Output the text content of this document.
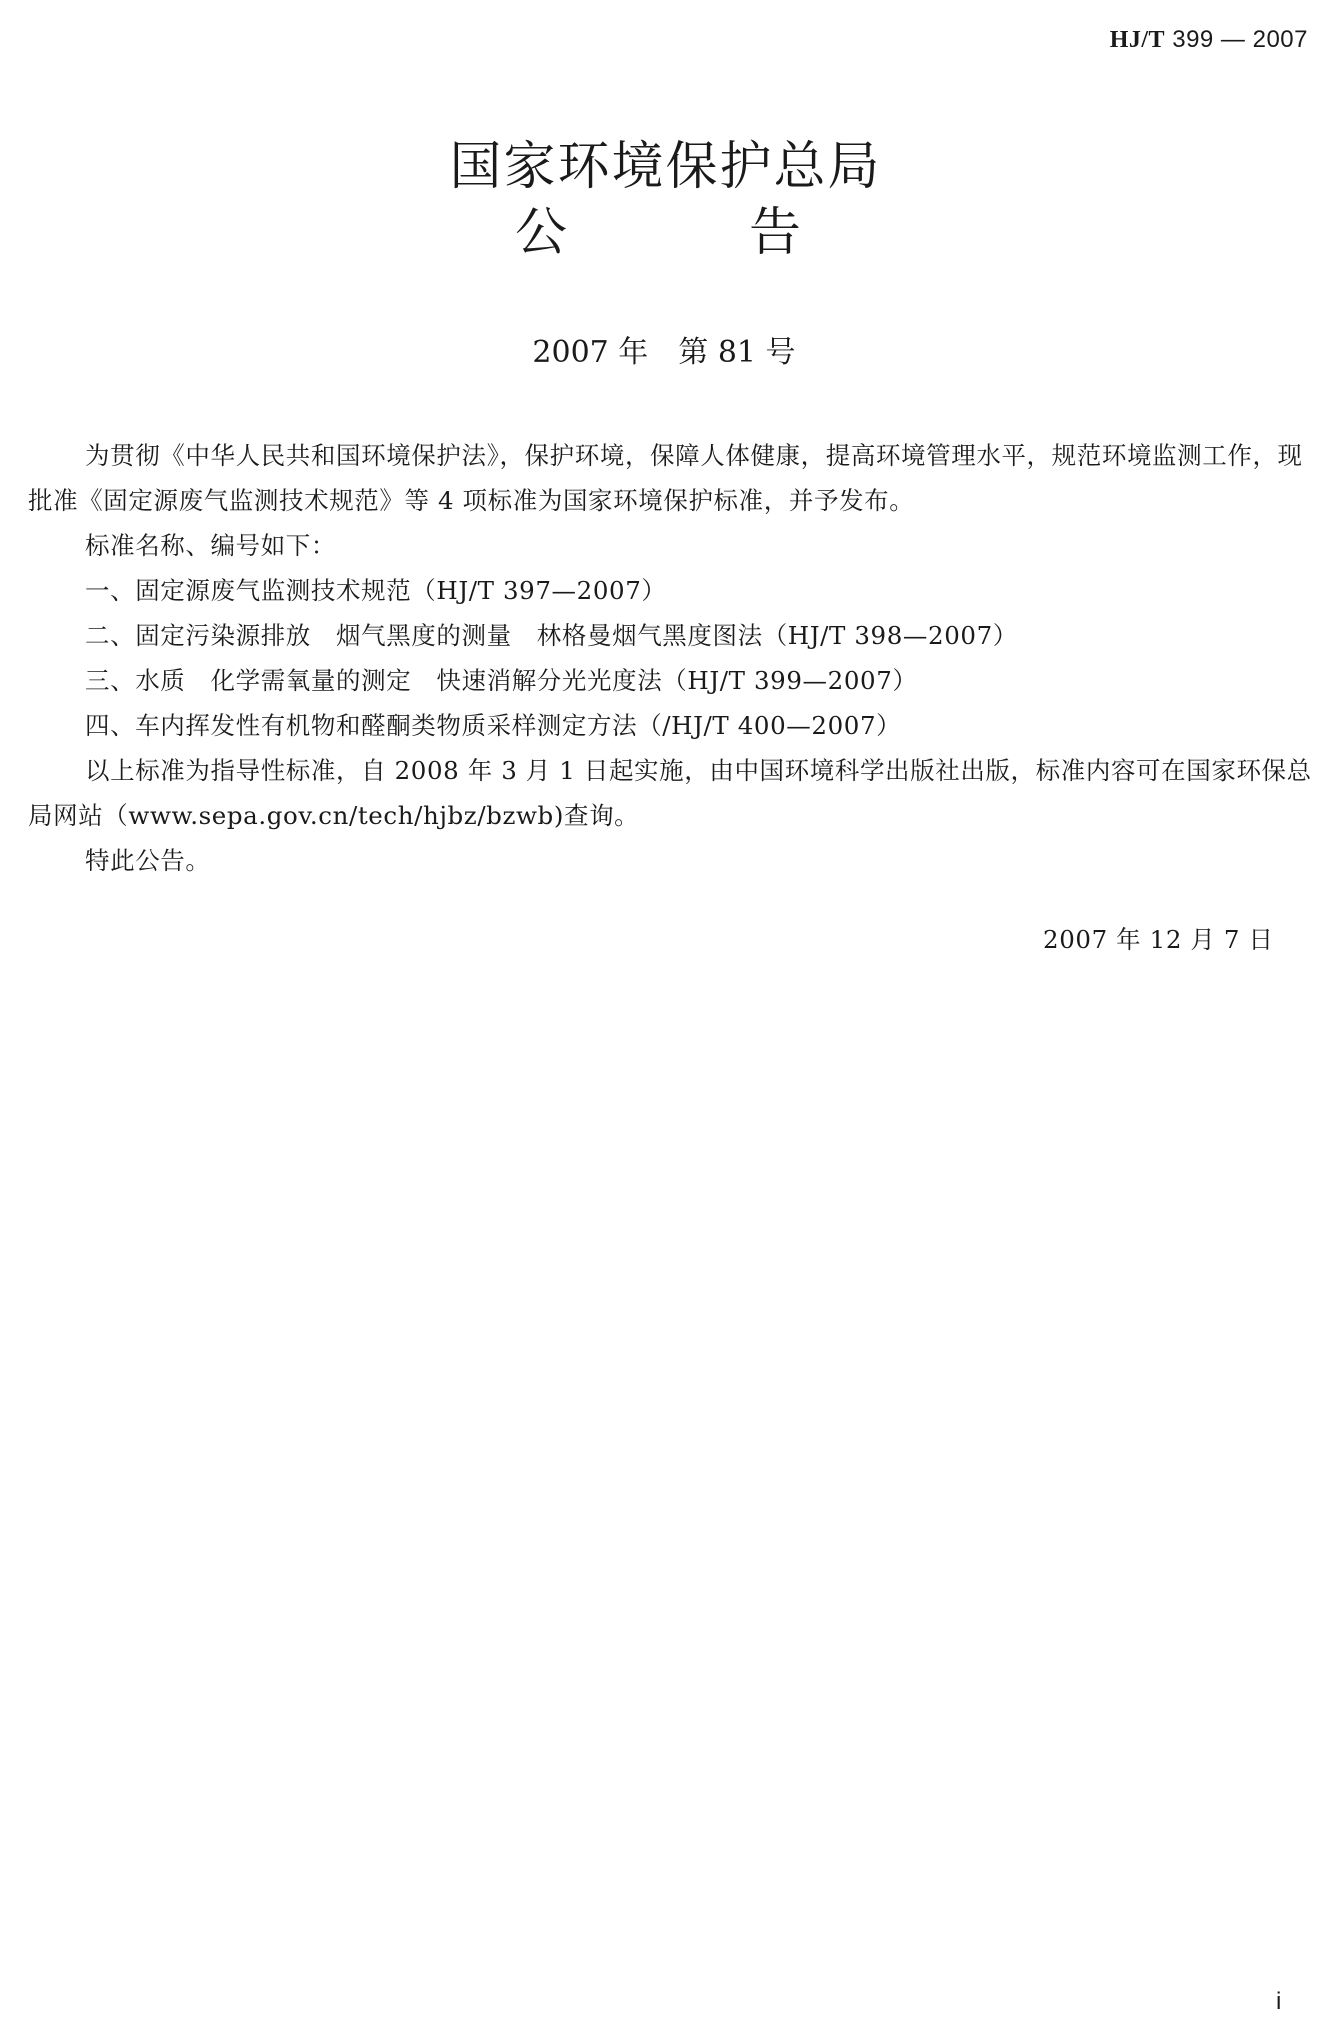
HJ/T 399 — 2007
国家环境保护总局
公	告
2007 年　第 81 号

为贯彻《中华人民共和国环境保护法》，保护环境，保障人体健康，提高环境管理水平，规范环境监测工作，现批准《固定源废气监测技术规范》等 4 项标准为国家环境保护标准，并予发布。

标准名称、编号如下：

一、固定源废气监测技术规范（HJ/T 397—2007）

二、固定污染源排放　烟气黑度的测量　林格曼烟气黑度图法（HJ/T 398—2007）

三、水质　化学需氧量的测定　快速消解分光光度法（HJ/T 399—2007）

四、车内挥发性有机物和醛酮类物质采样测定方法（/HJ/T 400—2007）

以上标准为指导性标准，自 2008 年 3 月 1 日起实施，由中国环境科学出版社出版，标准内容可在国家环保总局网站（www.sepa.gov.cn/tech/hjbz/bzwb)查询。

特此公告。

2007 年 12 月 7 日
i
